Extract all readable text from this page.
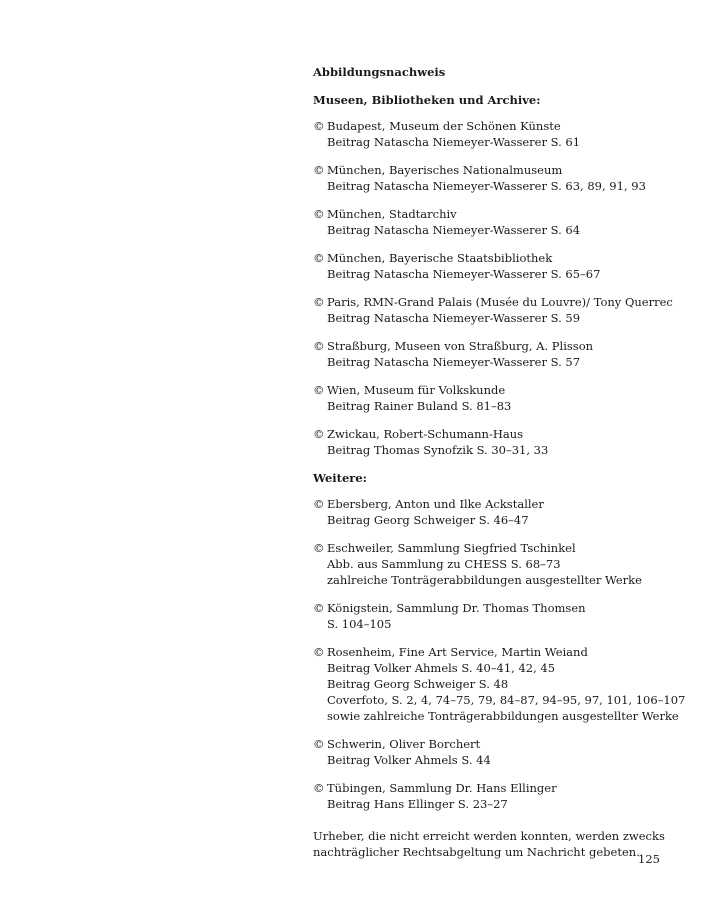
Abbildungsnachweis
Museen, Bibliotheken und Archive:
© Budapest, Museum der Schönen Künste
Beitrag Natascha Niemeyer-Wasserer S. 61
© München, Bayerisches Nationalmuseum
Beitrag Natascha Niemeyer-Wasserer S. 63, 89, 91, 93
© München, Stadtarchiv
Beitrag Natascha Niemeyer-Wasserer S. 64
© München, Bayerische Staatsbibliothek
Beitrag Natascha Niemeyer-Wasserer S. 65–67
© Paris, RMN-Grand Palais (Musée du Louvre)/ Tony Querrec
Beitrag Natascha Niemeyer-Wasserer S. 59
© Straßburg, Museen von Straßburg, A. Plisson
Beitrag Natascha Niemeyer-Wasserer S. 57
© Wien, Museum für Volkskunde
Beitrag Rainer Buland S. 81–83
© Zwickau, Robert-Schumann-Haus
Beitrag Thomas Synofzik S. 30–31, 33
Weitere:
© Ebersberg, Anton und Ilke Ackstaller
Beitrag Georg Schweiger S. 46–47
© Eschweiler, Sammlung Siegfried Tschinkel
Abb. aus Sammlung zu CHESS S. 68–73
zahlreiche Tonträgerabbildungen ausgestellter Werke
© Königstein, Sammlung Dr. Thomas Thomsen
S. 104–105
© Rosenheim, Fine Art Service, Martin Weiand
Beitrag Volker Ahmels S. 40–41, 42, 45
Beitrag Georg Schweiger S. 48
Coverfoto, S. 2, 4, 74–75, 79, 84–87, 94–95, 97, 101, 106–107
sowie zahlreiche Tonträgerabbildungen ausgestellter Werke
© Schwerin, Oliver Borchert
Beitrag Volker Ahmels S. 44
© Tübingen, Sammlung Dr. Hans Ellinger
Beitrag Hans Ellinger S. 23–27
Urheber, die nicht erreicht werden konnten, werden zwecks
nachträglicher Rechtsabgeltung um Nachricht gebeten.
125
